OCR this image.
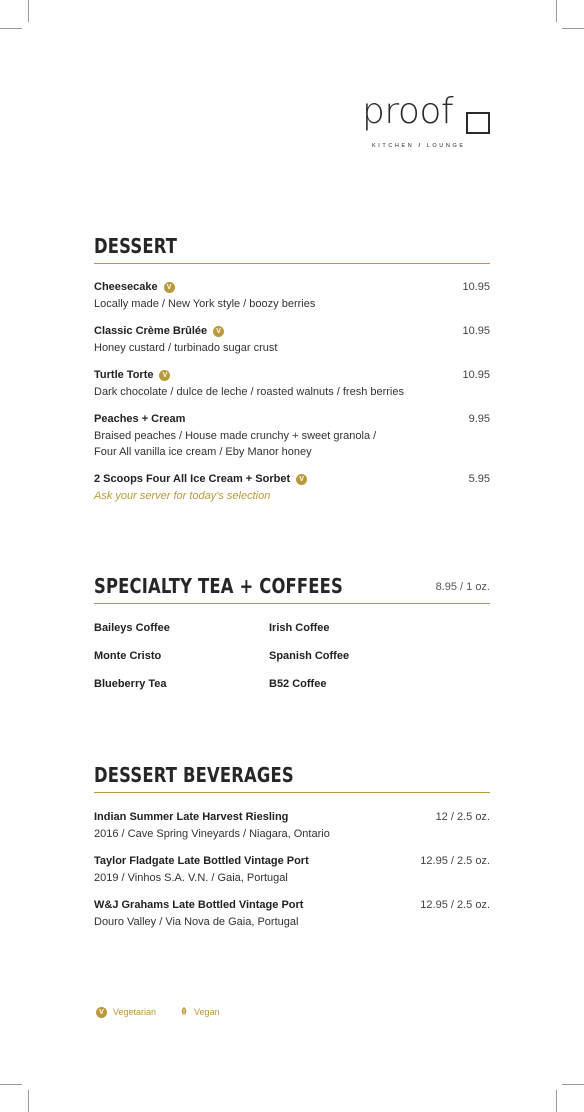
proof
KITCHEN / LOUNGE
DESSERT
Cheesecake	V
Locally made / New York style / boozy berries
10.95
Classic Crème Brûlée	V
Honey custard / turbinado sugar crust
10.95
Turtle Torte	V
Dark chocolate / dulce de leche / roasted walnuts / fresh berries
10.95
Peaches + Cream
Braised peaches / House made crunchy + sweet granola /
Four All vanilla ice cream / Eby Manor honey
9.95
2 Scoops Four All Ice Cream + Sorbet	V
Ask your server for today's selection
5.95
SPECIALTY TEA + COFFEES	8.95 / 1 oz.
Baileys Coffee	Irish Coffee
Monte Cristo	Spanish Coffee
Blueberry Tea	B52 Coffee
DESSERT BEVERAGES
Indian Summer Late Harvest Riesling
2016 / Cave Spring Vineyards / Niagara, Ontario
12 / 2.5 oz.
Taylor Fladgate Late Bottled Vintage Port
2019 / Vinhos S.A. V.N. / Gaia, Portugal
12.95 / 2.5 oz.
W&J Grahams Late Bottled Vintage Port
Douro Valley / Via Nova de Gaia, Portugal
12.95 / 2.5 oz.
V	Vegetarian	Vegan
